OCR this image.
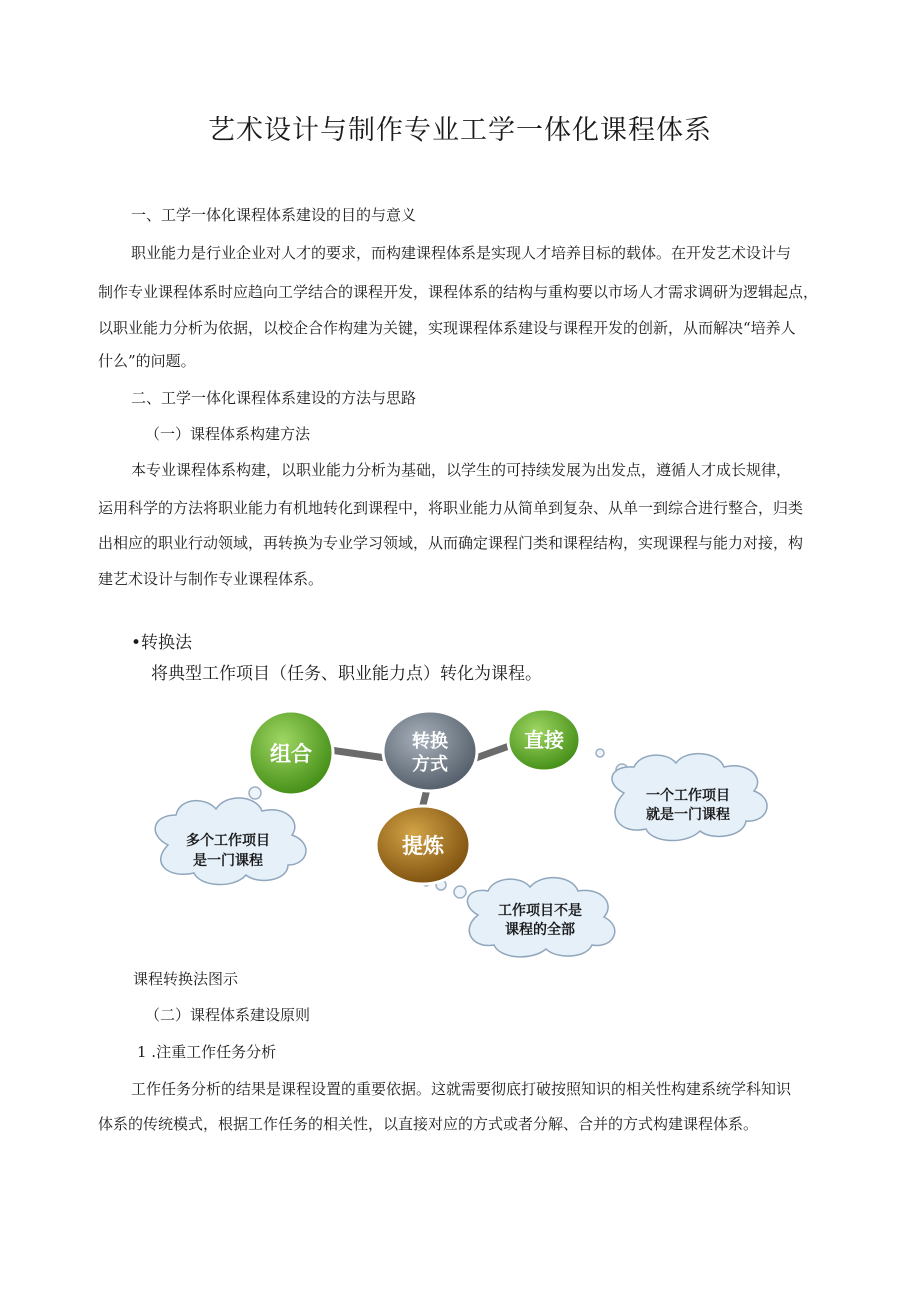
艺术设计与制作专业工学一体化课程体系
一、工学一体化课程体系建设的目的与意义
职业能力是行业企业对人才的要求，而构建课程体系是实现人才培养目标的载体。在开发艺术设计与
制作专业课程体系时应趋向工学结合的课程开发，课程体系的结构与重构要以市场人才需求调研为逻辑起点，
以职业能力分析为依据，以校企合作构建为关键，实现课程体系建设与课程开发的创新，从而解决“培养人
什么”的问题。
二、工学一体化课程体系建设的方法与思路
（一）课程体系构建方法
本专业课程体系构建，以职业能力分析为基础，以学生的可持续发展为出发点，遵循人才成长规律，
运用科学的方法将职业能力有机地转化到课程中，将职业能力从简单到复杂、从单一到综合进行整合，归类
出相应的职业行动领域，再转换为专业学习领域，从而确定课程门类和课程结构，实现课程与能力对接，构
建艺术设计与制作专业课程体系。
•转换法
将典型工作项目（任务、职业能力点）转化为课程。
组合
直接
转换
方式
提炼
多个工作项目
是一门课程
一个工作项目
就是一门课程
工作项目不是
课程的全部
课程转换法图示
（二）课程体系建设原则
1 .注重工作任务分析
工作任务分析的结果是课程设置的重要依据。这就需要彻底打破按照知识的相关性构建系统学科知识
体系的传统模式，根据工作任务的相关性，以直接对应的方式或者分解、合并的方式构建课程体系。
